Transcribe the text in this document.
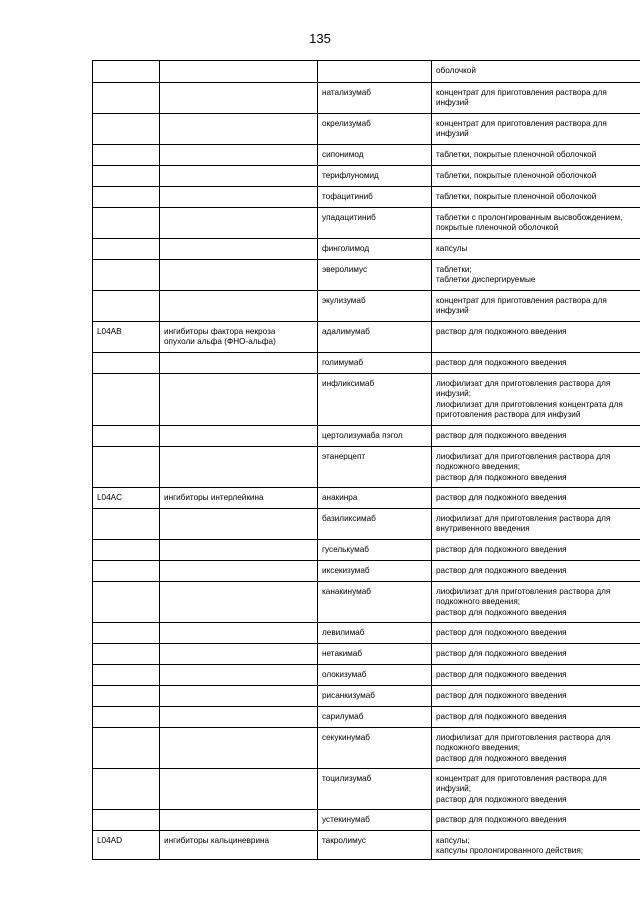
135

			оболочкой

		натализумаб	концентрат для приготовления раствора для
инфузий

		окрелизумаб	концентрат для приготовления раствора для
инфузий

		сипонимод	таблетки, покрытые пленочной оболочкой

		терифлуномид	таблетки, покрытые пленочной оболочкой

		тофацитиниб	таблетки, покрытые пленочной оболочкой

		упадацитиниб	таблетки с пролонгированным высвобождением,
покрытые пленочной оболочкой

		финголимод	капсулы

		эверолимус	таблетки;
таблетки диспергируемые

		экулизумаб	концентрат для приготовления раствора для
инфузий

L04AB	ингибиторы фактора некроза
опухоли альфа (ФНО-альфа)	адалимумаб	раствор для подкожного введения

		голимумаб	раствор для подкожного введения

		инфликсимаб	лиофилизат для приготовления раствора для
инфузий;
лиофилизат для приготовления концентрата для
приготовления раствора для инфузий

		цертолизумаба пэгол	раствор для подкожного введения

		этанерцепт	лиофилизат для приготовления раствора для
подкожного введения;
раствор для подкожного введения

L04AC	ингибиторы интерлейкина	анакинра	раствор для подкожного введения

		базиликсимаб	лиофилизат для приготовления раствора для
внутривенного введения

		гуселькумаб	раствор для подкожного введения

		иксекизумаб	раствор для подкожного введения

		канакинумаб	лиофилизат для приготовления раствора для
подкожного введения;
раствор для подкожного введения

		левилимаб	раствор для подкожного введения

		нетакимаб	раствор для подкожного введения

		олокизумаб	раствор для подкожного введения

		рисанкизумаб	раствор для подкожного введения

		сарилумаб	раствор для подкожного введения

		секукинумаб	лиофилизат для приготовления раствора для
подкожного введения;
раствор для подкожного введения

		тоцилизумаб	концентрат для приготовления раствора для
инфузий;
раствор для подкожного введения

		устекинумаб	раствор для подкожного введения

L04AD	ингибиторы кальциневрина	такролимус	капсулы;
капсулы пролонгированного действия;
